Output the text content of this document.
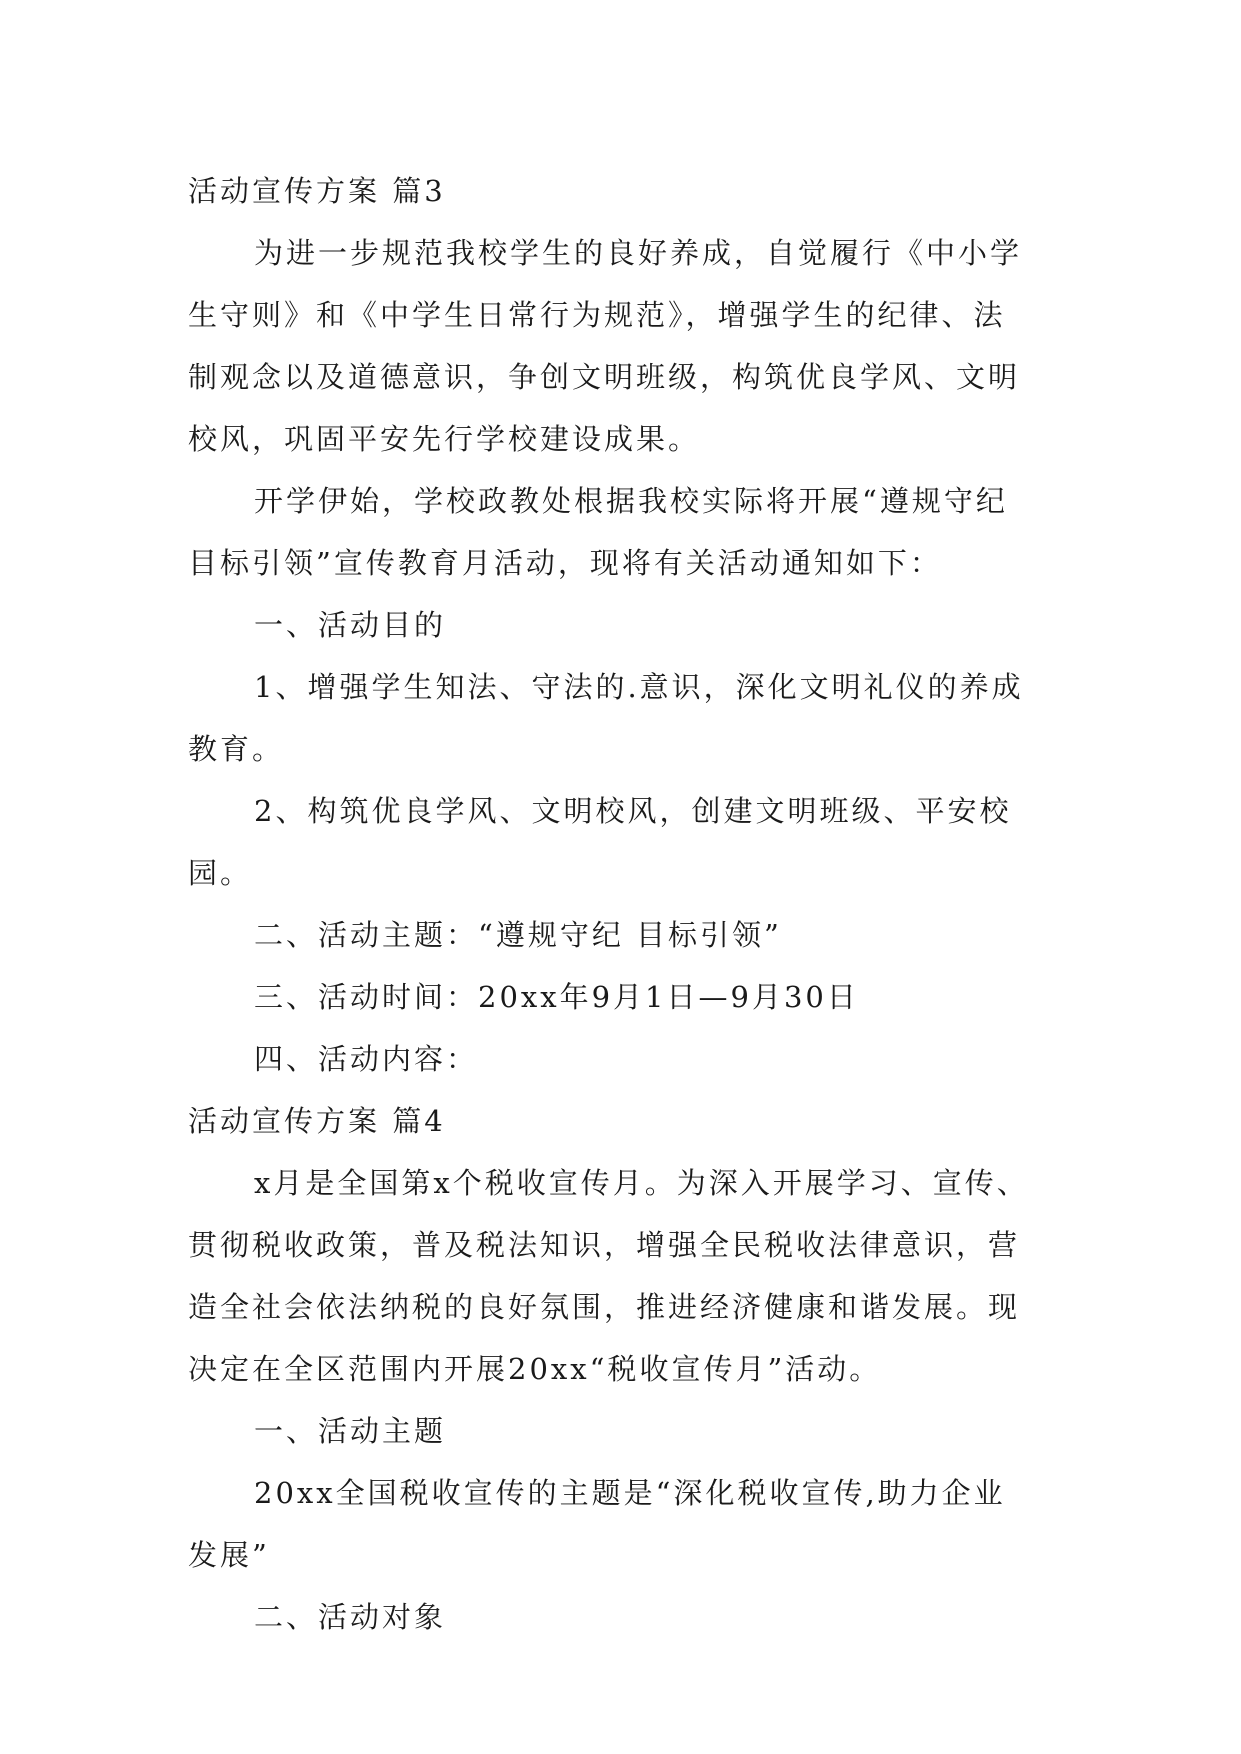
活动宣传方案 篇3

为进一步规范我校学生的良好养成，自觉履行《中小学

生守则》和《中学生日常行为规范》，增强学生的纪律、法

制观念以及道德意识，争创文明班级，构筑优良学风、文明

校风，巩固平安先行学校建设成果。

开学伊始，学校政教处根据我校实际将开展“遵规守纪

目标引领”宣传教育月活动，现将有关活动通知如下：

一、活动目的

1、增强学生知法、守法的.意识，深化文明礼仪的养成

教育。

2、构筑优良学风、文明校风，创建文明班级、平安校

园。

二、活动主题：“遵规守纪 目标引领”

三、活动时间：20xx年9月1日—9月30日

四、活动内容：

活动宣传方案 篇4

x月是全国第x个税收宣传月。为深入开展学习、宣传、

贯彻税收政策，普及税法知识，增强全民税收法律意识，营

造全社会依法纳税的良好氛围，推进经济健康和谐发展。现

决定在全区范围内开展20xx“税收宣传月”活动。

一、活动主题

20xx全国税收宣传的主题是“深化税收宣传,助力企业

发展”

二、活动对象
